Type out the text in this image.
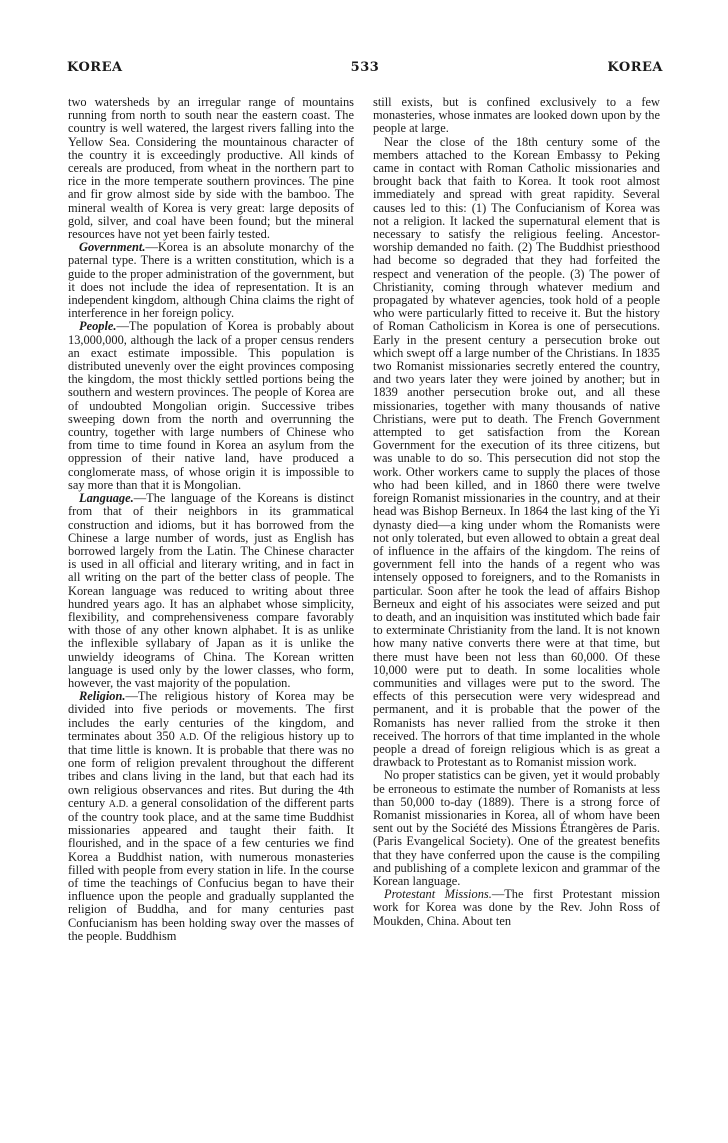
KOREA	533	KOREA

two watersheds by an irregular range of mountains running from north to south near the eastern coast. The country is well watered, the largest rivers falling into the Yellow Sea. Considering the mountainous character of the country it is exceedingly productive. All kinds of cereals are produced, from wheat in the northern part to rice in the more temperate southern provinces. The pine and fir grow almost side by side with the bamboo. The mineral wealth of Korea is very great: large deposits of gold, silver, and coal have been found; but the mineral resources have not yet been fairly tested.

Government.—Korea is an absolute monarchy of the paternal type. There is a written constitution, which is a guide to the proper administration of the government, but it does not include the idea of representation. It is an independent kingdom, although China claims the right of interference in her foreign policy.

People.—The population of Korea is probably about 13,000,000, although the lack of a proper census renders an exact estimate impossible. This population is distributed unevenly over the eight provinces composing the kingdom, the most thickly settled portions being the southern and western provinces. The people of Korea are of undoubted Mongolian origin. Successive tribes sweeping down from the north and overrunning the country, together with large numbers of Chinese who from time to time found in Korea an asylum from the oppression of their native land, have produced a conglomerate mass, of whose origin it is impossible to say more than that it is Mongolian.

Language.—The language of the Koreans is distinct from that of their neighbors in its grammatical construction and idioms, but it has borrowed from the Chinese a large number of words, just as English has borrowed largely from the Latin. The Chinese character is used in all official and literary writing, and in fact in all writing on the part of the better class of people. The Korean language was reduced to writing about three hundred years ago. It has an alphabet whose simplicity, flexibility, and comprehensiveness compare favorably with those of any other known alphabet. It is as unlike the inflexible syllabary of Japan as it is unlike the unwieldy ideograms of China. The Korean written language is used only by the lower classes, who form, however, the vast majority of the population.

Religion.—The religious history of Korea may be divided into five periods or movements. The first includes the early centuries of the kingdom, and terminates about 350 A.D. Of the religious history up to that time little is known. It is probable that there was no one form of religion prevalent throughout the different tribes and clans living in the land, but that each had its own religious observances and rites. But during the 4th century A.D. a general consolidation of the different parts of the country took place, and at the same time Buddhist missionaries appeared and taught their faith. It flourished, and in the space of a few centuries we find Korea a Buddhist nation, with numerous monasteries filled with people from every station in life. In the course of time the teachings of Confucius began to have their influence upon the people and gradually supplanted the religion of Buddha, and for many centuries past Confucianism has been holding sway over the masses of the people. Buddhism

still exists, but is confined exclusively to a few monasteries, whose inmates are looked down upon by the people at large.

Near the close of the 18th century some of the members attached to the Korean Embassy to Peking came in contact with Roman Catholic missionaries and brought back that faith to Korea. It took root almost immediately and spread with great rapidity. Several causes led to this: (1) The Confucianism of Korea was not a religion. It lacked the supernatural element that is necessary to satisfy the religious feeling. Ancestor-worship demanded no faith. (2) The Buddhist priesthood had become so degraded that they had forfeited the respect and veneration of the people. (3) The power of Christianity, coming through whatever medium and propagated by whatever agencies, took hold of a people who were particularly fitted to receive it. But the history of Roman Catholicism in Korea is one of persecutions. Early in the present century a persecution broke out which swept off a large number of the Christians. In 1835 two Romanist missionaries secretly entered the country, and two years later they were joined by another; but in 1839 another persecution broke out, and all these missionaries, together with many thousands of native Christians, were put to death. The French Government attempted to get satisfaction from the Korean Government for the execution of its three citizens, but was unable to do so. This persecution did not stop the work. Other workers came to supply the places of those who had been killed, and in 1860 there were twelve foreign Romanist missionaries in the country, and at their head was Bishop Berneux. In 1864 the last king of the Yi dynasty died—a king under whom the Romanists were not only tolerated, but even allowed to obtain a great deal of influence in the affairs of the kingdom. The reins of government fell into the hands of a regent who was intensely opposed to foreigners, and to the Romanists in particular. Soon after he took the lead of affairs Bishop Berneux and eight of his associates were seized and put to death, and an inquisition was instituted which bade fair to exterminate Christianity from the land. It is not known how many native converts there were at that time, but there must have been not less than 60,000. Of these 10,000 were put to death. In some localities whole communities and villages were put to the sword. The effects of this persecution were very widespread and permanent, and it is probable that the power of the Romanists has never rallied from the stroke it then received. The horrors of that time implanted in the whole people a dread of foreign religious which is as great a drawback to Protestant as to Romanist mission work.

No proper statistics can be given, yet it would probably be erroneous to estimate the number of Romanists at less than 50,000 to-day (1889). There is a strong force of Romanist missionaries in Korea, all of whom have been sent out by the Société des Missions Étrangères de Paris. (Paris Evangelical Society). One of the greatest benefits that they have conferred upon the cause is the compiling and publishing of a complete lexicon and grammar of the Korean language.

Protestant Missions.—The first Protestant mission work for Korea was done by the Rev. John Ross of Moukden, China. About ten
